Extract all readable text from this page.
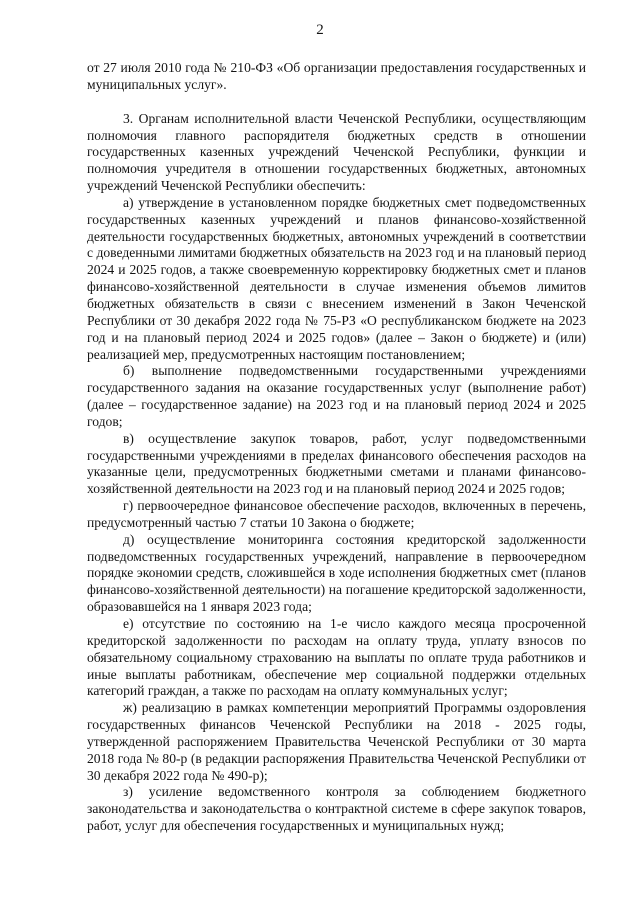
2

от 27 июля 2010 года № 210-ФЗ «Об организации предоставления государственных и муниципальных услуг».

3. Органам исполнительной власти Чеченской Республики, осуществляющим полномочия главного распорядителя бюджетных средств в отношении государственных казенных учреждений Чеченской Республики, функции и полномочия учредителя в отношении государственных бюджетных, автономных учреждений Чеченской Республики обеспечить:

а) утверждение в установленном порядке бюджетных смет подведомственных государственных казенных учреждений и планов финансово-хозяйственной деятельности государственных бюджетных, автономных учреждений в соответствии с доведенными лимитами бюджетных обязательств на 2023 год и на плановый период 2024 и 2025 годов, а также своевременную корректировку бюджетных смет и планов финансово-хозяйственной деятельности в случае изменения объемов лимитов бюджетных обязательств в связи с внесением изменений в Закон Чеченской Республики от 30 декабря 2022 года № 75-РЗ «О республиканском бюджете на 2023 год и на плановый период 2024 и 2025 годов» (далее – Закон о бюджете) и (или) реализацией мер, предусмотренных настоящим постановлением;

б) выполнение подведомственными государственными учреждениями государственного задания на оказание государственных услуг (выполнение работ) (далее – государственное задание) на 2023 год и на плановый период 2024 и 2025 годов;

в) осуществление закупок товаров, работ, услуг подведомственными государственными учреждениями в пределах финансового обеспечения расходов на указанные цели, предусмотренных бюджетными сметами и планами финансово-хозяйственной деятельности на 2023 год и на плановый период 2024 и 2025 годов;

г) первоочередное финансовое обеспечение расходов, включенных в перечень, предусмотренный частью 7 статьи 10 Закона о бюджете;

д) осуществление мониторинга состояния кредиторской задолженности подведомственных государственных учреждений, направление в первоочередном порядке экономии средств, сложившейся в ходе исполнения бюджетных смет (планов финансово-хозяйственной деятельности) на погашение кредиторской задолженности, образовавшейся на 1 января 2023 года;

е) отсутствие по состоянию на 1-е число каждого месяца просроченной кредиторской задолженности по расходам на оплату труда, уплату взносов по обязательному социальному страхованию на выплаты по оплате труда работников и иные выплаты работникам, обеспечение мер социальной поддержки отдельных категорий граждан, а также по расходам на оплату коммунальных услуг;

ж) реализацию в рамках компетенции мероприятий Программы оздоровления государственных финансов Чеченской Республики на 2018 - 2025 годы, утвержденной распоряжением Правительства Чеченской Республики от 30 марта 2018 года № 80-р (в редакции распоряжения Правительства Чеченской Республики от 30 декабря 2022 года № 490-р);

з) усиление ведомственного контроля за соблюдением бюджетного законодательства и законодательства о контрактной системе в сфере закупок товаров, работ, услуг для обеспечения государственных и муниципальных нужд;
